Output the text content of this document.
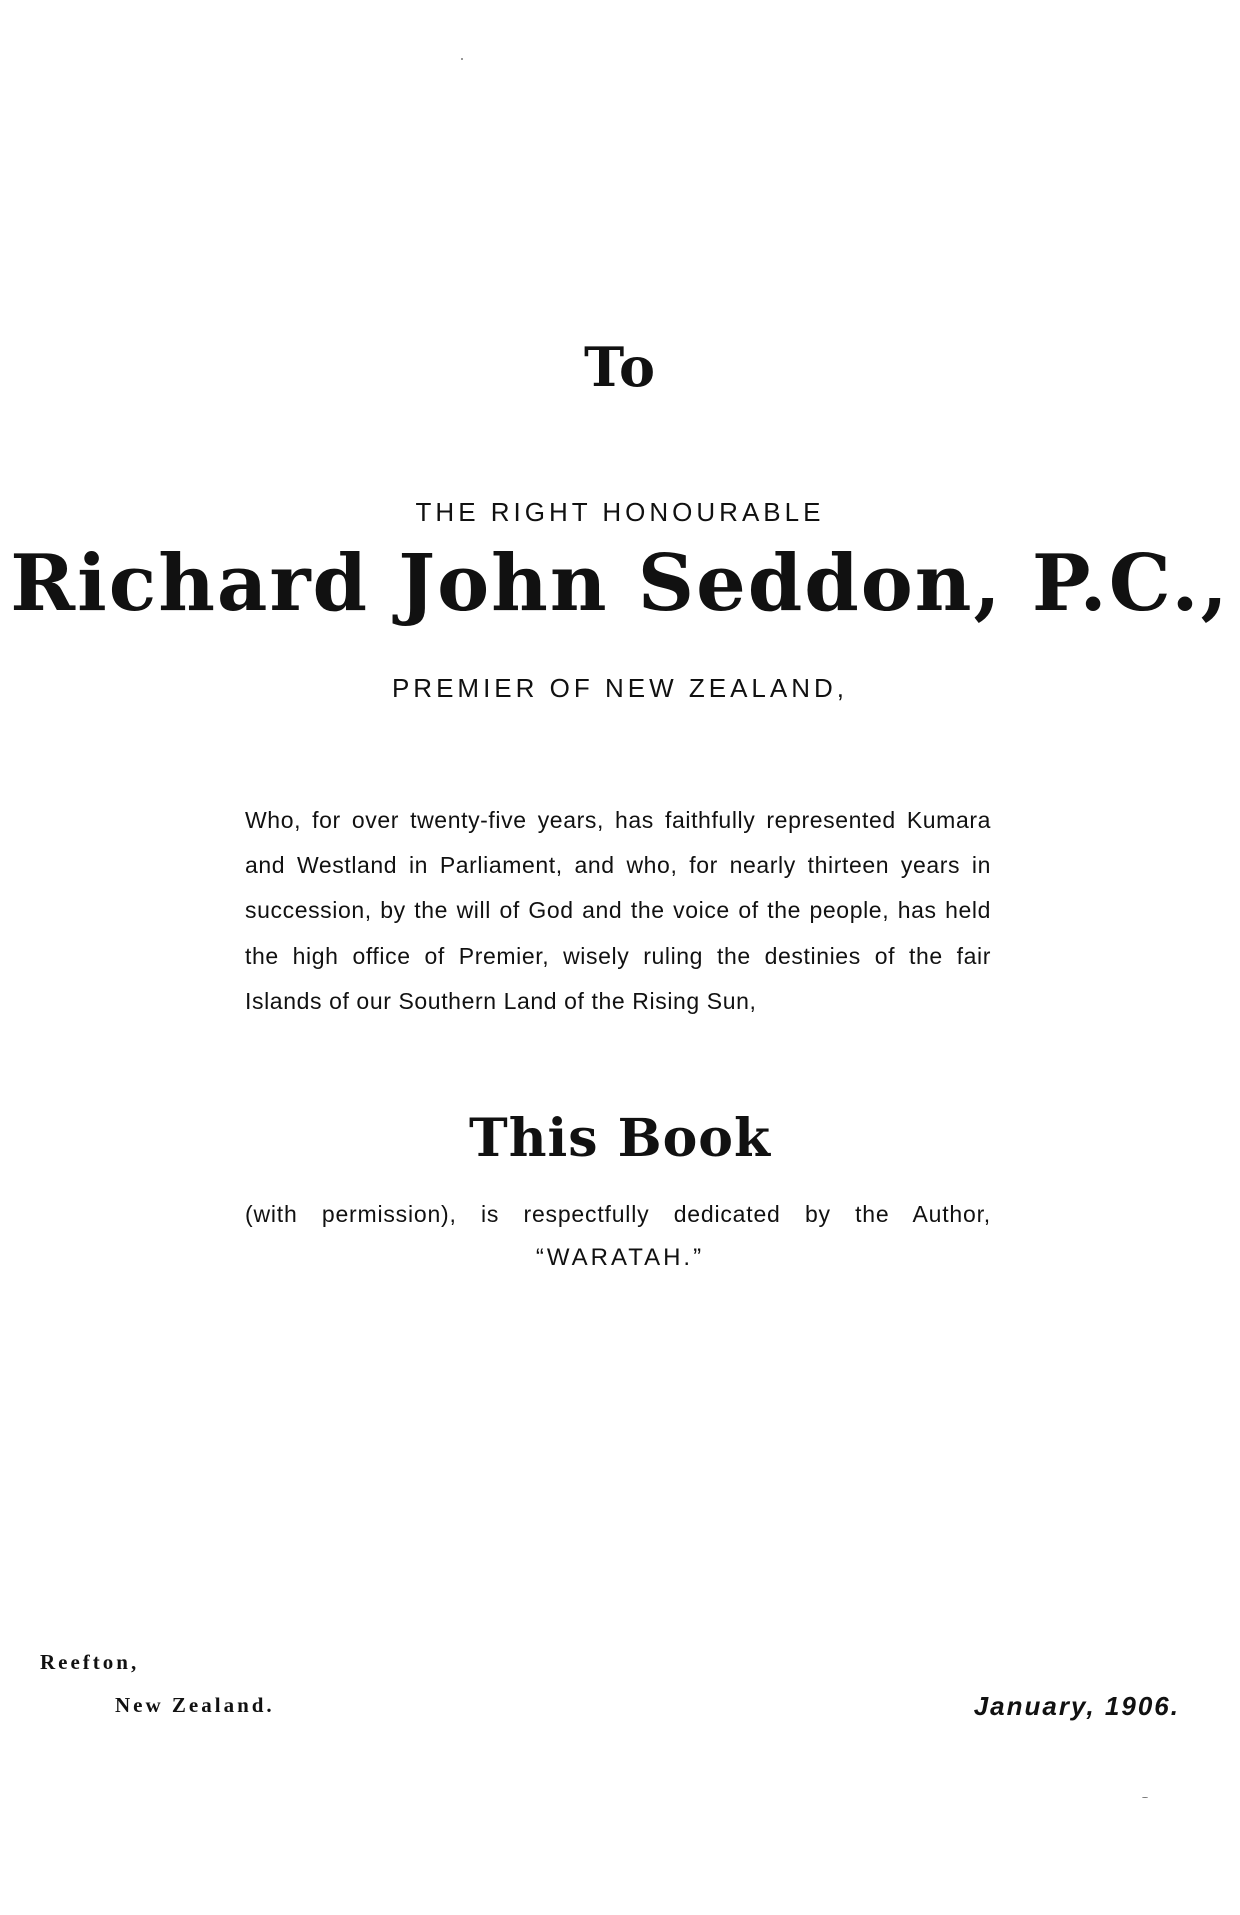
To
THE RIGHT HONOURABLE
Richard John Seddon, P.C.,
PREMIER OF NEW ZEALAND,

Who, for over twenty-five years, has faithfully represented Kumara and Westland in Parliament, and who, for nearly thirteen years in succession, by the will of God and the voice of the people, has held the high office of Premier, wisely ruling the destinies of the fair Islands of our Southern Land of the Rising Sun,

This Book

(with permission), is respectfully dedicated by the Author,

“WARATAH.”
Reefton,
New Zealand.	January, 1906.
